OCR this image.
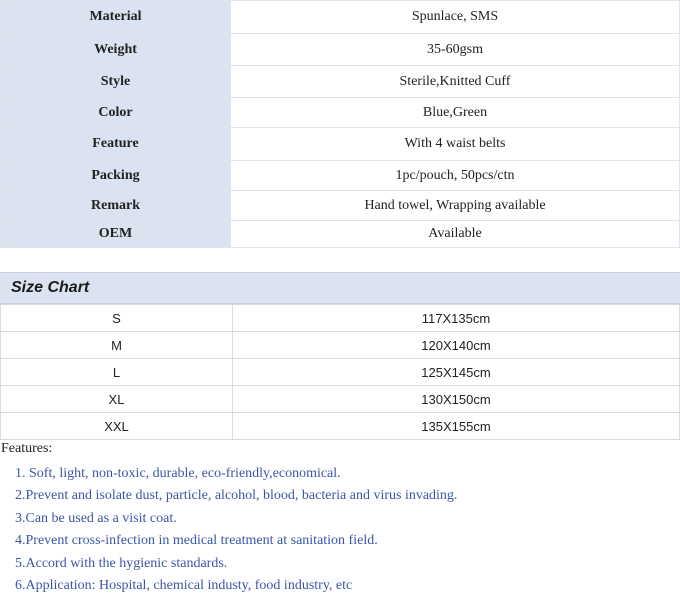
Material	Spunlace, SMS
Weight	35-60gsm
Style	Sterile,Knitted Cuff
Color	Blue,Green
Feature	With 4 waist belts
Packing	1pc/pouch, 50pcs/ctn
Remark	Hand towel, Wrapping available
OEM	Available
Size Chart
S	117X135cm
M	120X140cm
L	125X145cm
XL	130X150cm
XXL	135X155cm
Features:
1. Soft, light, non-toxic, durable, eco-friendly,economical.
2.Prevent and isolate dust, particle, alcohol, blood, bacteria and virus invading.
3.Can be used as a visit coat.
4.Prevent cross-infection in medical treatment at sanitation field.
5.Accord with the hygienic standards.
6.Application: Hospital, chemical industy, food industry, etc
